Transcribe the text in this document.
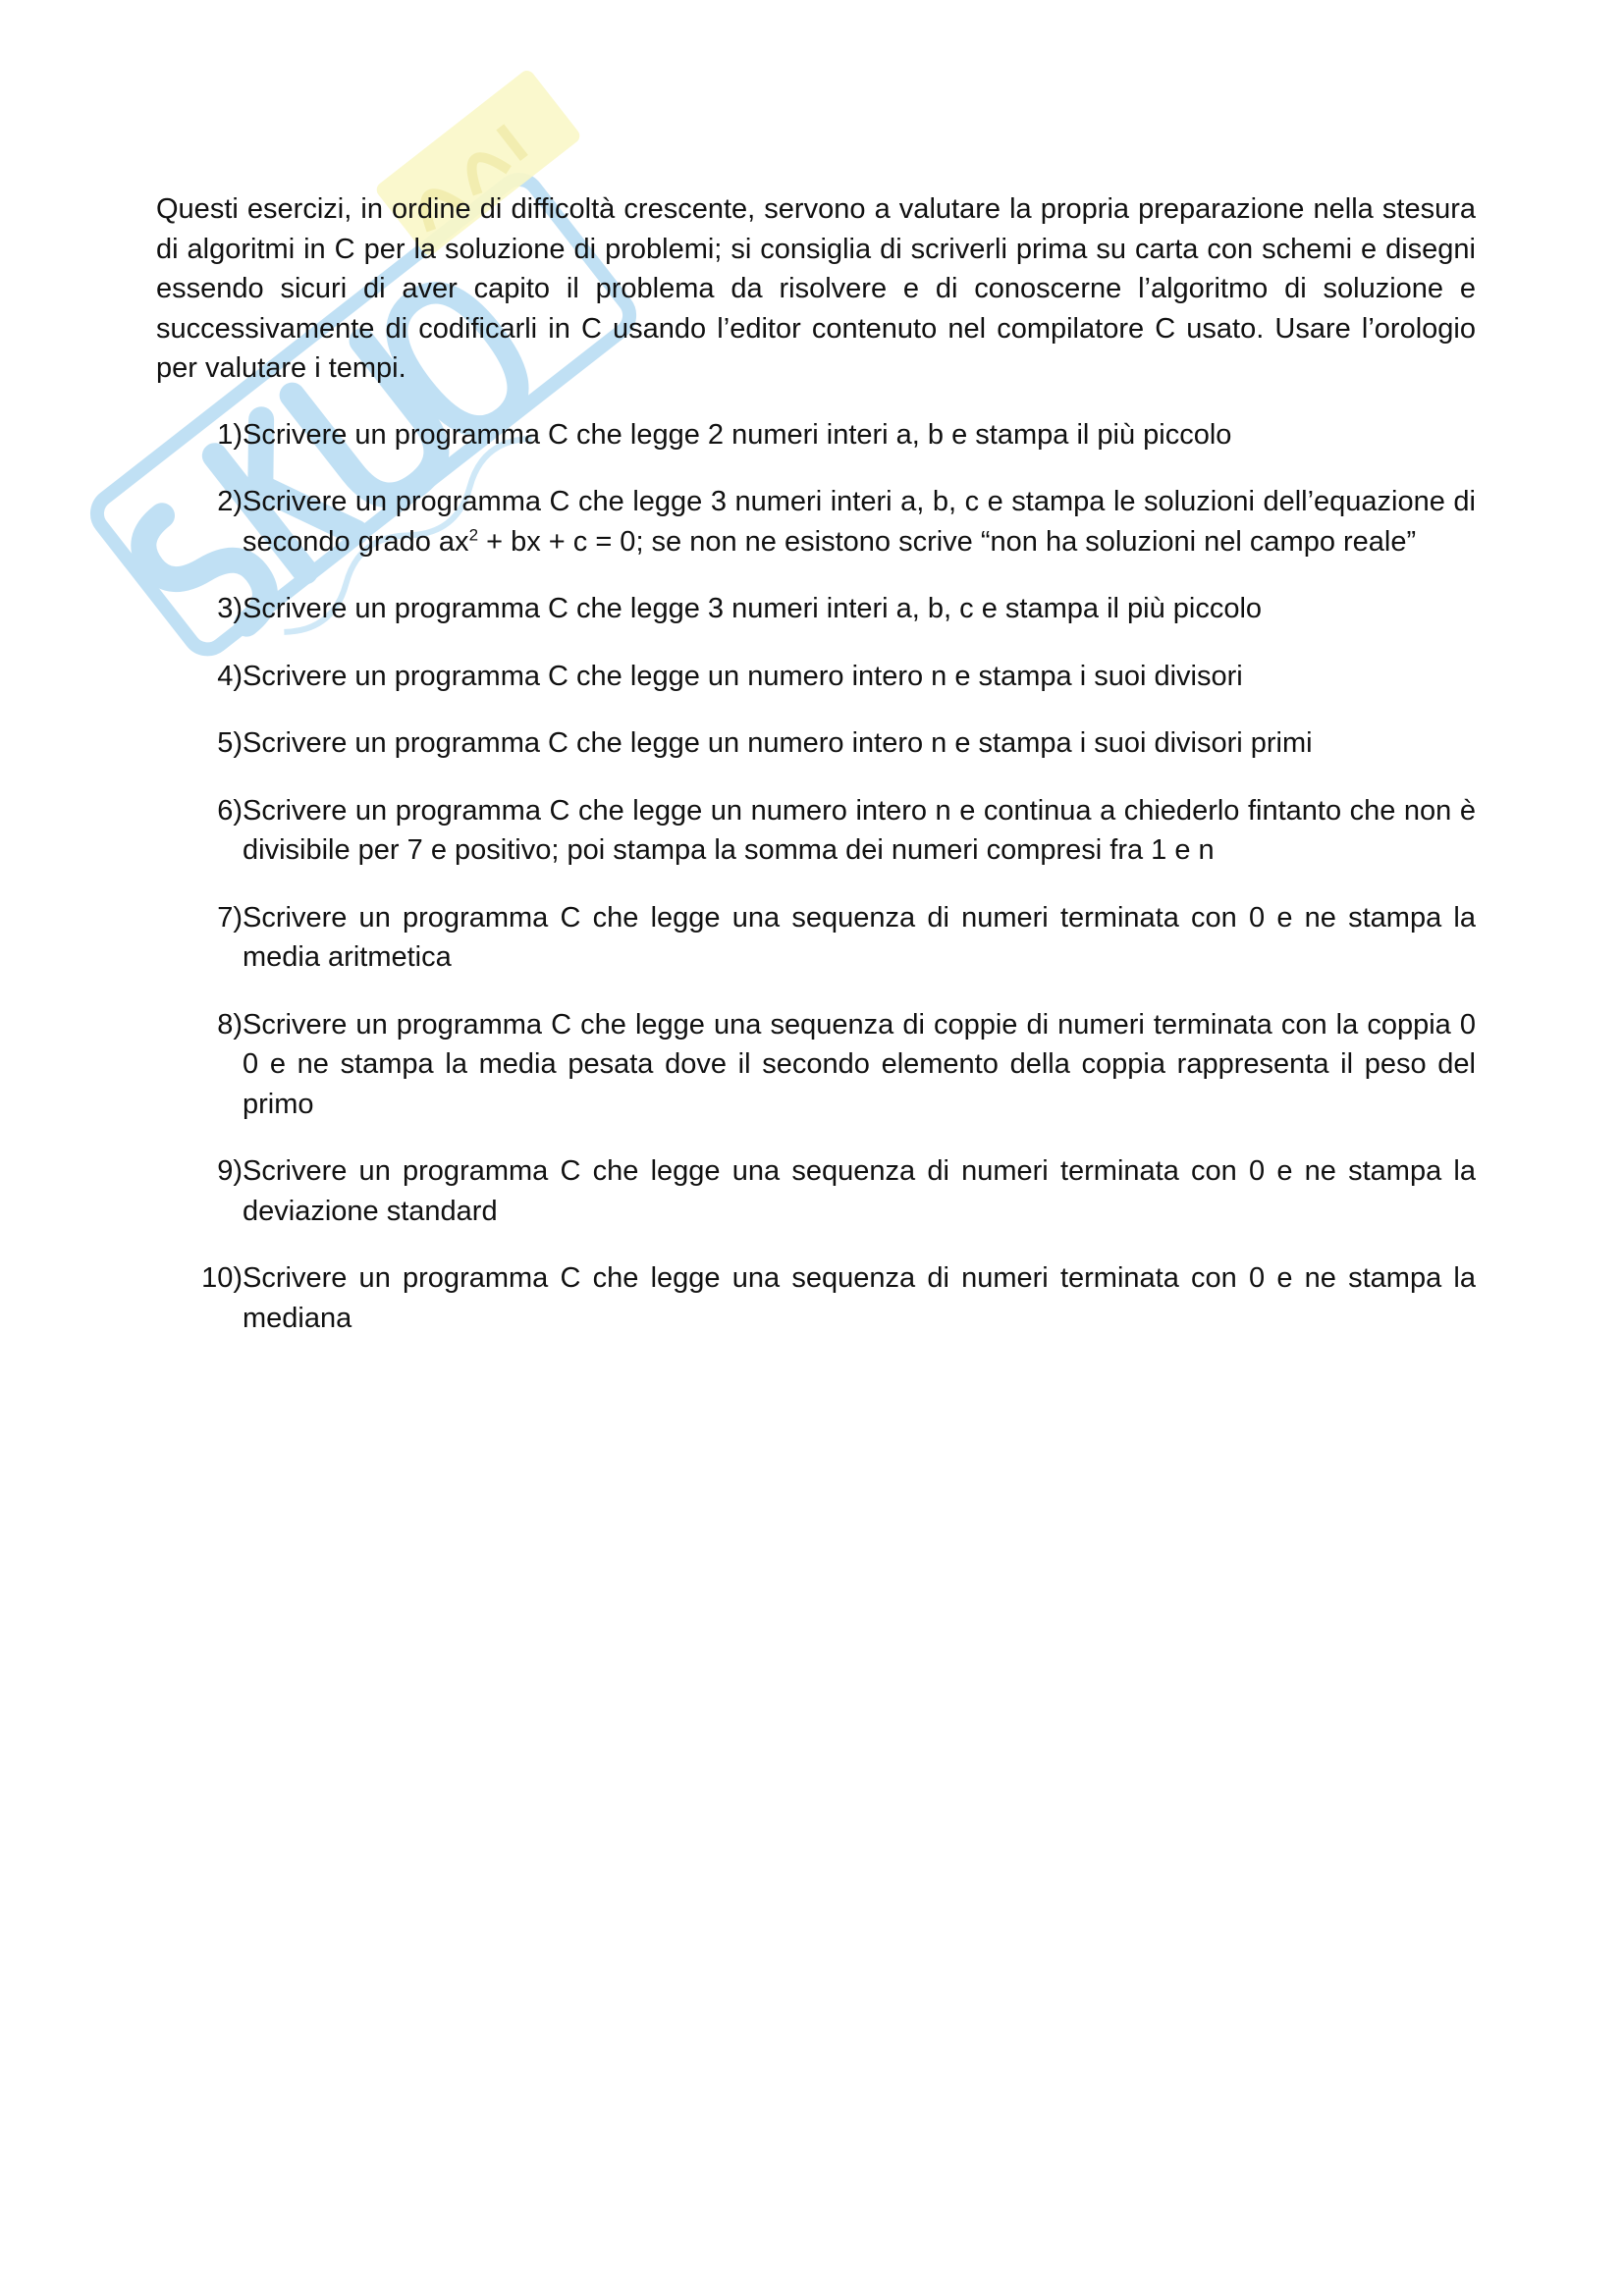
Questi esercizi, in ordine di difficoltà crescente, servono a valutare la propria preparazione nella stesura di algoritmi in C per la soluzione di problemi; si consiglia di scriverli prima su carta con schemi e disegni essendo sicuri di aver capito il problema da risolvere e di conoscerne l’algoritmo di soluzione e successivamente di codificarli in C usando l’editor contenuto nel compilatore C usato. Usare l’orologio per valutare i tempi.

1) Scrivere un programma C che legge 2 numeri interi a, b e stampa il più piccolo
2) Scrivere un programma C che legge 3 numeri interi a, b, c e stampa le soluzioni dell’equazione di secondo grado $ax^2$ + bx + c = 0; se non ne esistono scrive “non ha soluzioni nel campo reale”
3) Scrivere un programma C che legge 3 numeri interi a, b, c e stampa il più piccolo
4) Scrivere un programma C che legge un numero intero n e stampa i suoi divisori
5) Scrivere un programma C che legge un numero intero n e stampa i suoi divisori primi
6) Scrivere un programma C che legge un numero intero n e continua a chiederlo fintanto che non è divisibile per 7 e positivo; poi stampa la somma dei numeri compresi fra 1 e n
7) Scrivere un programma C che legge una sequenza di numeri terminata con 0 e ne stampa la media aritmetica
8) Scrivere un programma C che legge una sequenza di coppie di numeri terminata con la coppia 0 0 e ne stampa la media pesata dove il secondo elemento della coppia rappresenta il peso del primo
9) Scrivere un programma C che legge una sequenza di numeri terminata con 0 e ne stampa la deviazione standard
10) Scrivere un programma C che legge una sequenza di numeri terminata con 0 e ne stampa la mediana
